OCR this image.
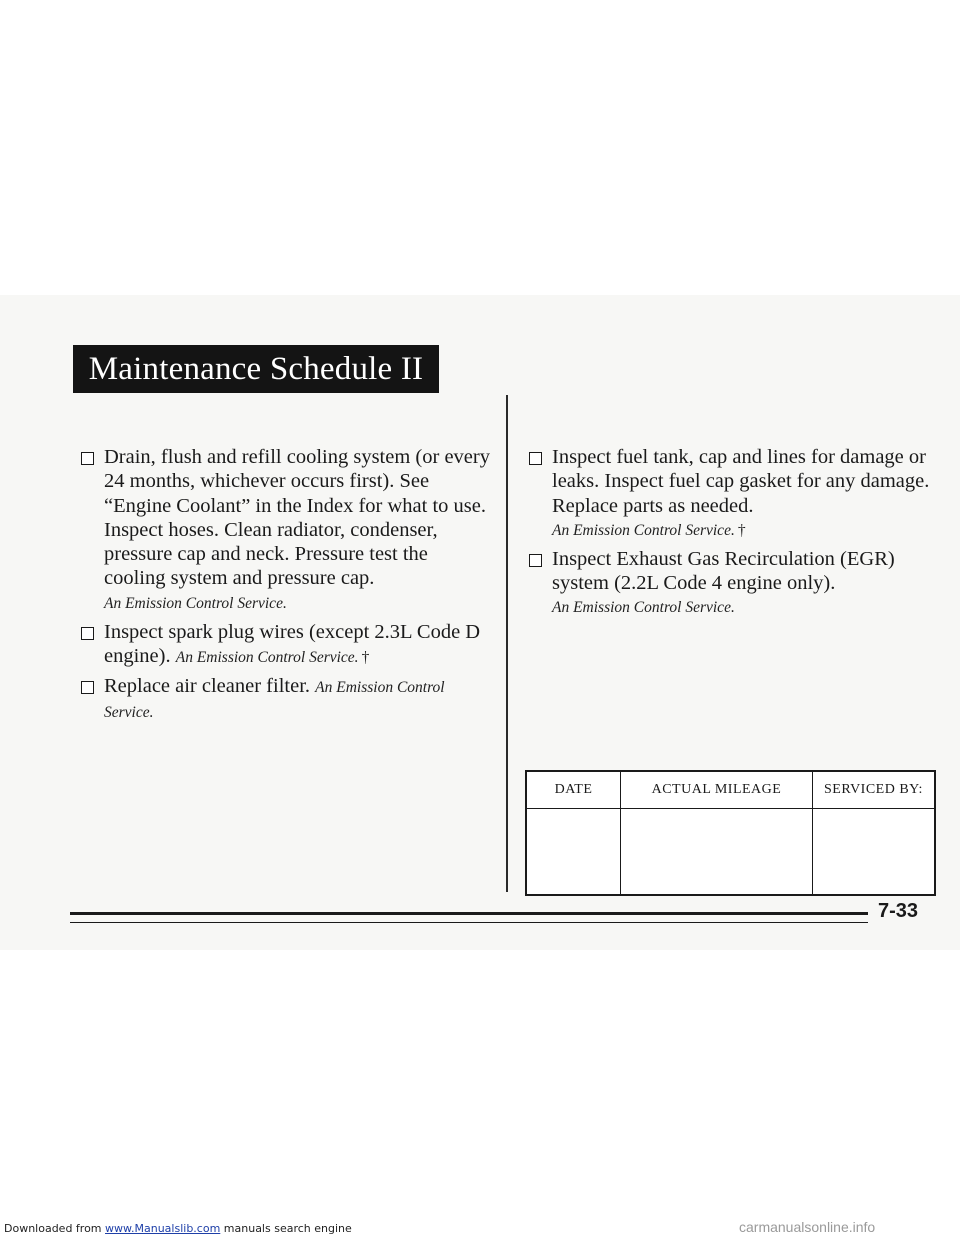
Maintenance Schedule II
Drain, flush and refill cooling system (or every 24 months, whichever occurs first). See “Engine Coolant” in the Index for what to use. Inspect hoses. Clean radiator, condenser, pressure cap and neck. Pressure test the cooling system and pressure cap.
An Emission Control Service.
Inspect spark plug wires (except 2.3L Code D engine). An Emission Control Service. †
Replace air cleaner filter. An Emission Control Service.
Inspect fuel tank, cap and lines for damage or leaks. Inspect fuel cap gasket for any damage. Replace parts as needed.
An Emission Control Service. †
Inspect Exhaust Gas Recirculation (EGR) system (2.2L Code 4 engine only).
An Emission Control Service.
DATE	ACTUAL MILEAGE	SERVICED BY:

7-33
Downloaded from www.Manualslib.com manuals search engine	carmanualsonline.info
